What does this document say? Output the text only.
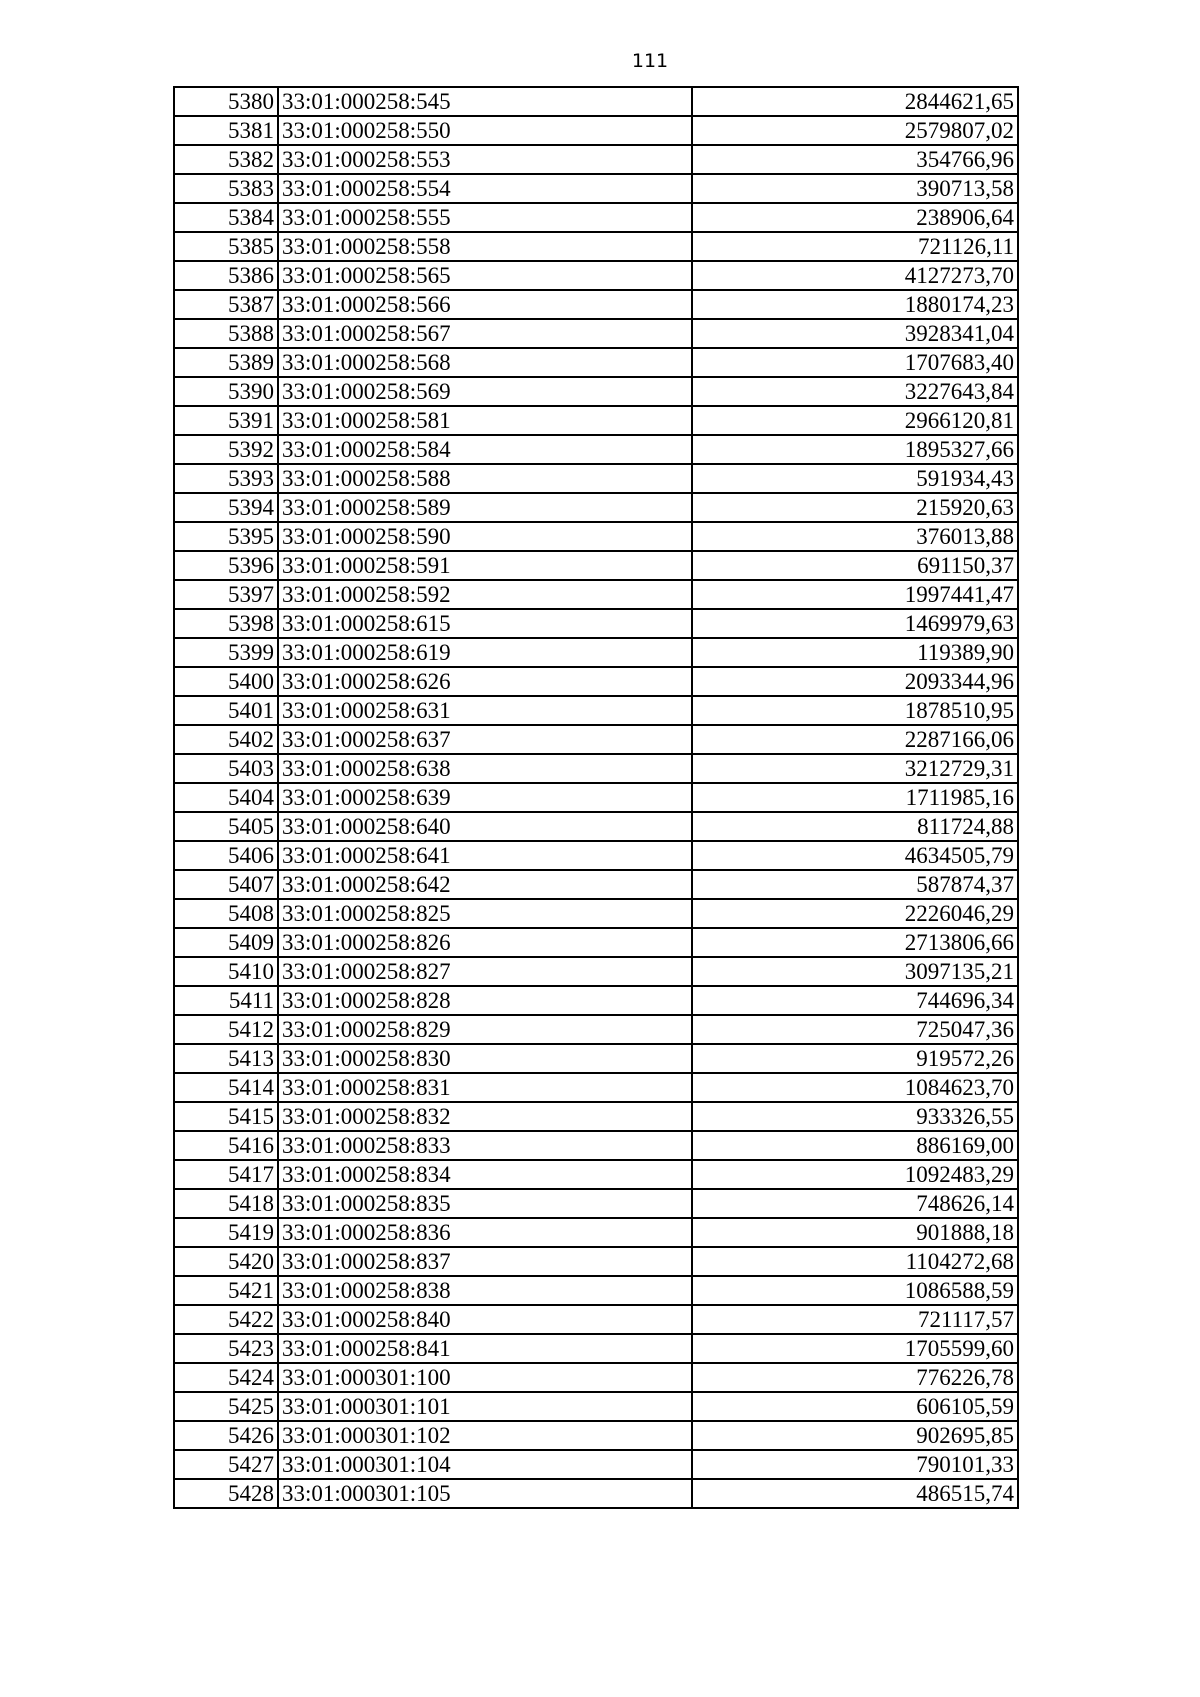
111
5380	33:01:000258:545	2844621,65
5381	33:01:000258:550	2579807,02
5382	33:01:000258:553	354766,96
5383	33:01:000258:554	390713,58
5384	33:01:000258:555	238906,64
5385	33:01:000258:558	721126,11
5386	33:01:000258:565	4127273,70
5387	33:01:000258:566	1880174,23
5388	33:01:000258:567	3928341,04
5389	33:01:000258:568	1707683,40
5390	33:01:000258:569	3227643,84
5391	33:01:000258:581	2966120,81
5392	33:01:000258:584	1895327,66
5393	33:01:000258:588	591934,43
5394	33:01:000258:589	215920,63
5395	33:01:000258:590	376013,88
5396	33:01:000258:591	691150,37
5397	33:01:000258:592	1997441,47
5398	33:01:000258:615	1469979,63
5399	33:01:000258:619	119389,90
5400	33:01:000258:626	2093344,96
5401	33:01:000258:631	1878510,95
5402	33:01:000258:637	2287166,06
5403	33:01:000258:638	3212729,31
5404	33:01:000258:639	1711985,16
5405	33:01:000258:640	811724,88
5406	33:01:000258:641	4634505,79
5407	33:01:000258:642	587874,37
5408	33:01:000258:825	2226046,29
5409	33:01:000258:826	2713806,66
5410	33:01:000258:827	3097135,21
5411	33:01:000258:828	744696,34
5412	33:01:000258:829	725047,36
5413	33:01:000258:830	919572,26
5414	33:01:000258:831	1084623,70
5415	33:01:000258:832	933326,55
5416	33:01:000258:833	886169,00
5417	33:01:000258:834	1092483,29
5418	33:01:000258:835	748626,14
5419	33:01:000258:836	901888,18
5420	33:01:000258:837	1104272,68
5421	33:01:000258:838	1086588,59
5422	33:01:000258:840	721117,57
5423	33:01:000258:841	1705599,60
5424	33:01:000301:100	776226,78
5425	33:01:000301:101	606105,59
5426	33:01:000301:102	902695,85
5427	33:01:000301:104	790101,33
5428	33:01:000301:105	486515,74
